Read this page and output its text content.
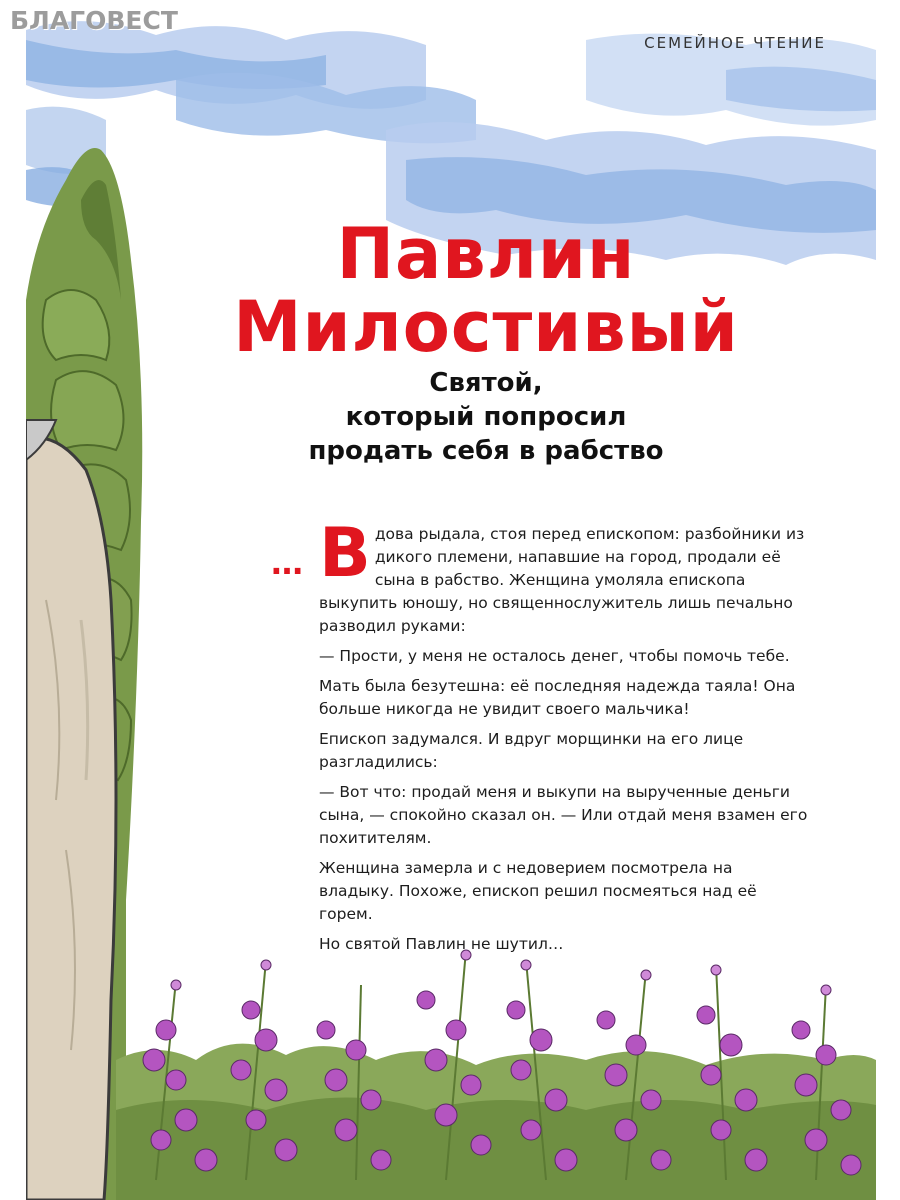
СЕМЕЙНОЕ ЧТЕНИЕ
Павлин
Милостивый
Святой,
который попросил
продать себя в рабство

… В дова рыдала, стоя перед епископом: разбойники из дикого племени, напавшие на город, продали её сына в рабство. Женщина умоляла епископа выкупить юношу, но священнослужитель лишь печально разводил руками:

— Прости, у меня не осталось денег, чтобы помочь тебе.

Мать была безутешна: её последняя надежда таяла! Она больше никогда не увидит своего мальчика!

Епископ задумался. И вдруг морщинки на его лице разгладились:

— Вот что: продай меня и выкупи на вырученные деньги сына, — спокойно сказал он. — Или отдай меня взамен его похитителям.

Женщина замерла и с недоверием посмотрела на владыку. Похоже, епископ решил посмеяться над её горем.

Но святой Павлин не шутил…

БЛАГОВЕСТ
